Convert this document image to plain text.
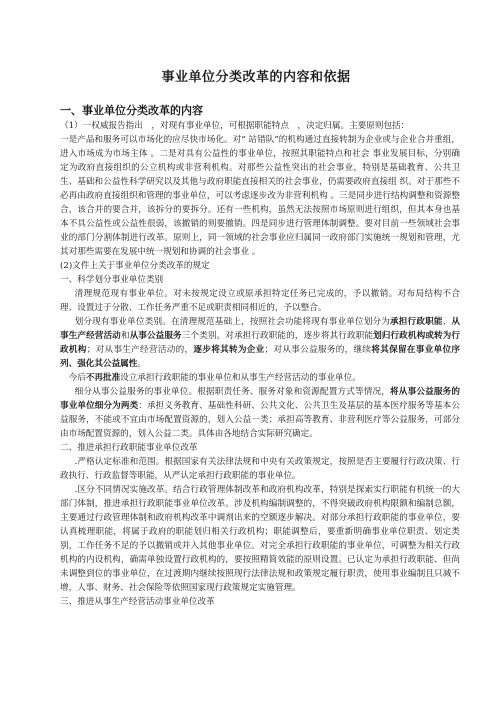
事业单位分类改革的内容和依据
一、事业单位分类改革的内容

（1）一权威报告指出　，对现有事业单位，可根据职能特点　，决定归属。主要原则包括：

一是产品和服务可以市场化的应尽快市场化。对“ 站错队”的机构通过直接转制为企业或与企业合并重组，进入市场成为市场主体 。二是对具有公益性的事业单位，按照其职能特点和社会 事业发展目标，分别确定为政府直接组织的公立机构或非营利机构。对那些公益性突出的社会事业，特别是基础教育、公共卫 生、基础和公益性科学研究以及其他与政府职能直接相关的社会事业，仍需要政府直接组 织。对于那些不必再由政府直接组织和管理的事业单位，可以考虑逐步改为非营利机构 。三是同步进行结构调整和资源整合，该合并的要合并，该拆分的要拆分。还有一些机构，虽然无法按照市场原则进行组织，但其本身也基本不具公益性或公益性很弱，该撤销的则要撤销。四是同步进行管理体制调整。要对目前一些领域社会事业的部门分割体制进行改革。原则上，同一领域的社会事业应归属同一政府部门实施统一规划和管理，尤其对那些需要在发展中统一规划和协调的社会事业 。

(2)文件上关于事业单位分类改革的规定

一、科学划分事业单位类别

清理规范现有事业单位。对未按规定设立或原承担特定任务已完成的，予以撤销。对布局结构不合理、设置过于分散、工作任务严重不足或职责相同相近的，予以整合。

划分现有事业单位类别。在清理规范基础上，按照社会功能将现有事业单位划分为承担行政职能、从事生产经营活动和从事公益服务三个类别。对承担行政职能的，逐步将其行政职能划归行政机构或转为行政机构；对从事生产经营活动的，逐步将其转为企业；对从事公益服务的，继续将其保留在事业单位序列、强化其公益属性。

今后不再批准设立承担行政职能的事业单位和从事生产经营活动的事业单位。

细分从事公益服务的事业单位。根据职责任务、服务对象和资源配置方式等情况，将从事公益服务的事业单位细分为两类：承担义务教育、基础性科研、公共文化、公共卫生及基层的基本医疗服务等基本公益服务，不能或不宜由市场配置资源的，划入公益一类；承担高等教育、非营利医疗等公益服务，可部分由市场配置资源的，划入公益二类。具体由各地结合实际研究确定。

二、推进承担行政职能事业单位改革

.严格认定标准和范围。根据国家有关法律法规和中央有关政策规定，按照是否主要履行行政决策、行政执行、行政监督等职能，从严认定承担行政职能的事业单位。

.区分不同情况实施改革。结合行政管理体制改革和政府机构改革，特别是探索实行职能有机统一的大部门体制，推进承担行政职能事业单位改革。涉及机构编制调整的，不得突破政府机构限额和编制总额，主要通过行政管理体制和政府机构改革中调剂出来的空额逐步解决。对部分承担行政职能的事业单位，要认真梳理职能，将属于政府的职能划归相关行政机构；职能调整后，要重新明确事业单位职责、划定类别，工作任务不足的予以撤销或并入其他事业单位。对完全承担行政职能的事业单位，可调整为相关行政机构的内设机构，确需单独设置行政机构的，要按照精简效能的原则设置。已认定为承担行政职能、但尚未调整到位的事业单位，在过渡期内继续按照现行法律法规和政策规定履行职责，使用事业编制且只减不增，人事、财务、社会保险等依照国家现行政策规定实施管理。

三、推进从事生产经营活动事业单位改革
